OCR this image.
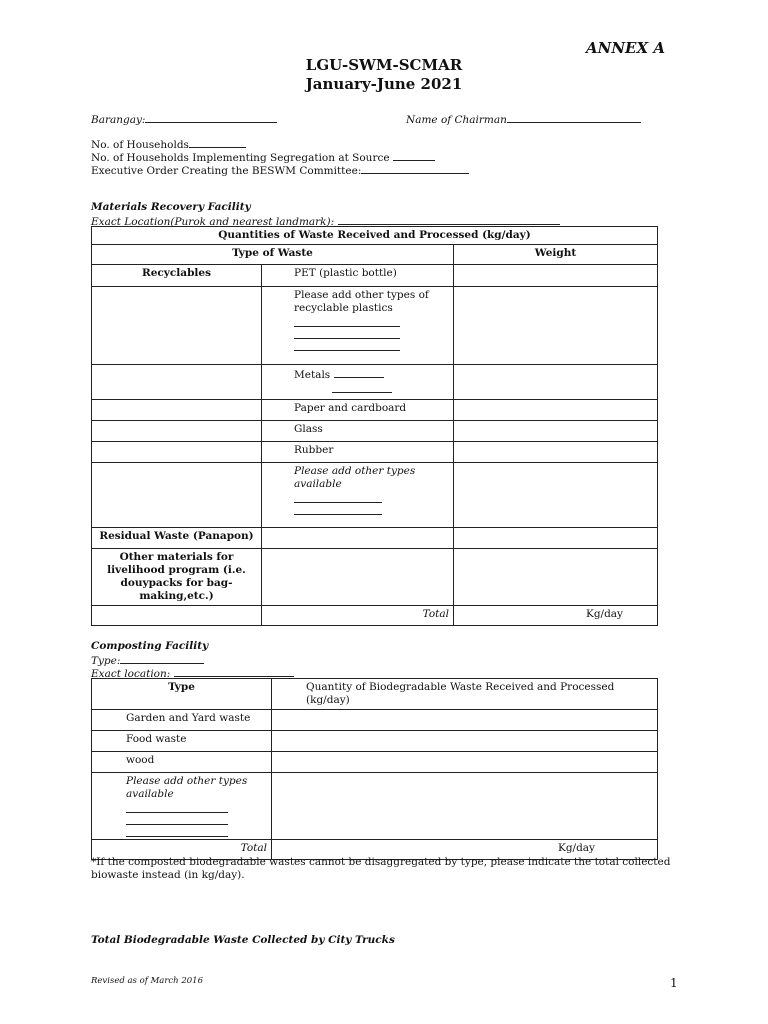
ANNEX A
LGU-SWM-SCMAR
January-June 2021
Barangay:	Name of Chairman
No. of Households
No. of Households Implementing Segregation at Source
Executive Order Creating the BESWM Committee:
Materials Recovery Facility
Exact Location(Purok and nearest landmark):
Quantities of Waste Received and Processed (kg/day)		
Type of Waste		Weight
Recyclables	PET (plastic bottle)	

	Please add other types of recyclable plastics	

	Metals

	Paper and cardboard	
	Glass	
	Rubber	

	Please add other types available	

Residual Waste (Panapon)		
Other materials for livelihood program (i.e. douypacks for bag-making,etc.)		
	Total	Kg/day
Composting Facility
Type:
Exact location:
Type	Quantity of Biodegradable Waste Received and Processed (kg/day)

Garden and Yard waste	
Food waste	
wood	

Please add other types available	

Total	Kg/day
*If the composted biodegradable wastes cannot be disaggregated by type, please indicate the total collected biowaste instead (in kg/day).
Total Biodegradable Waste Collected by City Trucks
Revised as of March 2016	1
